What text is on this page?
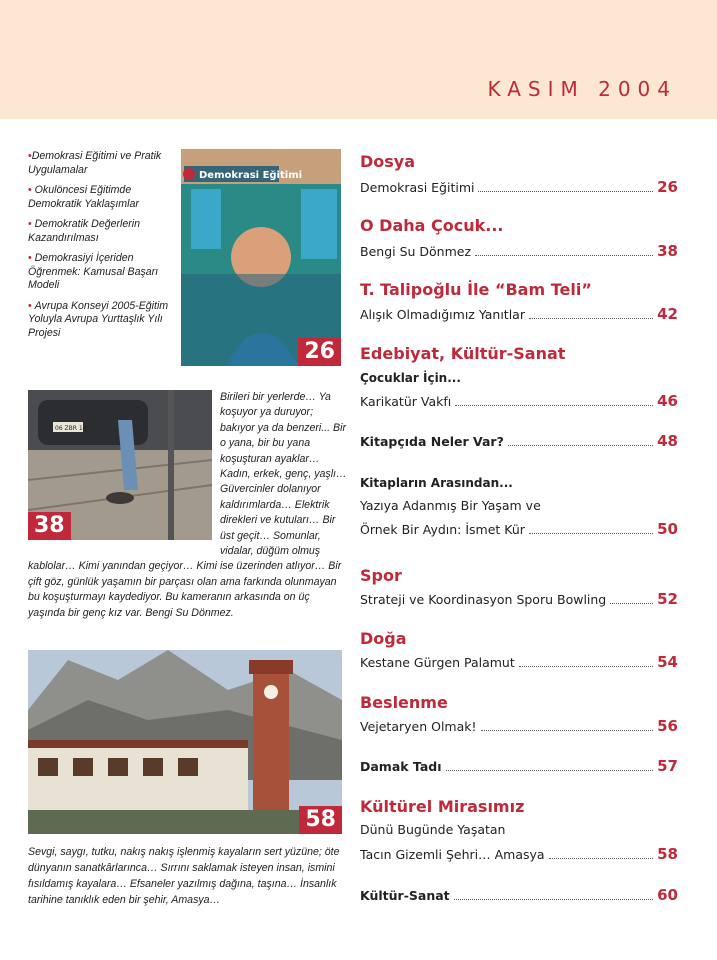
KASIM 2004
•Demokrasi Eğitimi ve Pratik Uygulamalar
• Okulöncesi Eğitimde Demokratik Yaklaşımlar
• Demokratik Değerlerin Kazandırılması
• Demokrasiyi İçeriden Öğrenmek: Kamusal Başarı Modeli
• Avrupa Konseyi 2005-Eğitim Yoluyla Avrupa Yurttaşlık Yılı Projesi
Demokrasi Eğitimi
26
06 ZBR 14
38
Birileri bir yerlerde… Ya koşuyor ya duruyor; bakıyor ya da benzeri... Bir o yana, bir bu yana koşuşturan ayaklar… Kadın, erkek, genç, yaşlı… Güvercinler dolanıyor kaldırımlarda… Elektrik direkleri ve kutuları… Bir üst geçit… Somunlar, vidalar, düğüm olmuş kablolar… Kimi yanından geçiyor… Kimi ise üzerinden atlıyor… Bir çift göz, günlük yaşamın bir parçası olan ama farkında olunmayan bu koşuşturmayı kaydediyor. Bu kameranın arkasında on üç yaşında bir genç kız var. Bengi Su Dönmez.
58
Sevgi, saygı, tutku, nakış nakış işlenmiş kayaların sert yüzüne; öte dünyanın sanatkârlarınca… Sırrını saklamak isteyen insan, ismini fısıldamış kayalara… Efsaneler yazılmış dağına, taşına… İnsanlık tarihine tanıklık eden bir şehir, Amasya…
Dosya
Demokrasi Eğitimi	26
O Daha Çocuk...
Bengi Su Dönmez	38
T. Talipoğlu İle “Bam Teli”
Alışık Olmadığımız Yanıtlar	42
Edebiyat, Kültür-Sanat
Çocuklar İçin...
Karikatür Vakfı	46
Kitapçıda Neler Var?	48
Kitapların Arasından...
Yazıya Adanmış Bir Yaşam ve
Örnek Bir Aydın: İsmet Kür	50
Spor
Strateji ve Koordinasyon Sporu Bowling	52
Doğa
Kestane Gürgen Palamut	54
Beslenme
Vejetaryen Olmak!	56
Damak Tadı	57
Kültürel Mirasımız
Dünü Bugünde Yaşatan
Tacın Gizemli Şehri… Amasya	58
Kültür-Sanat	60
